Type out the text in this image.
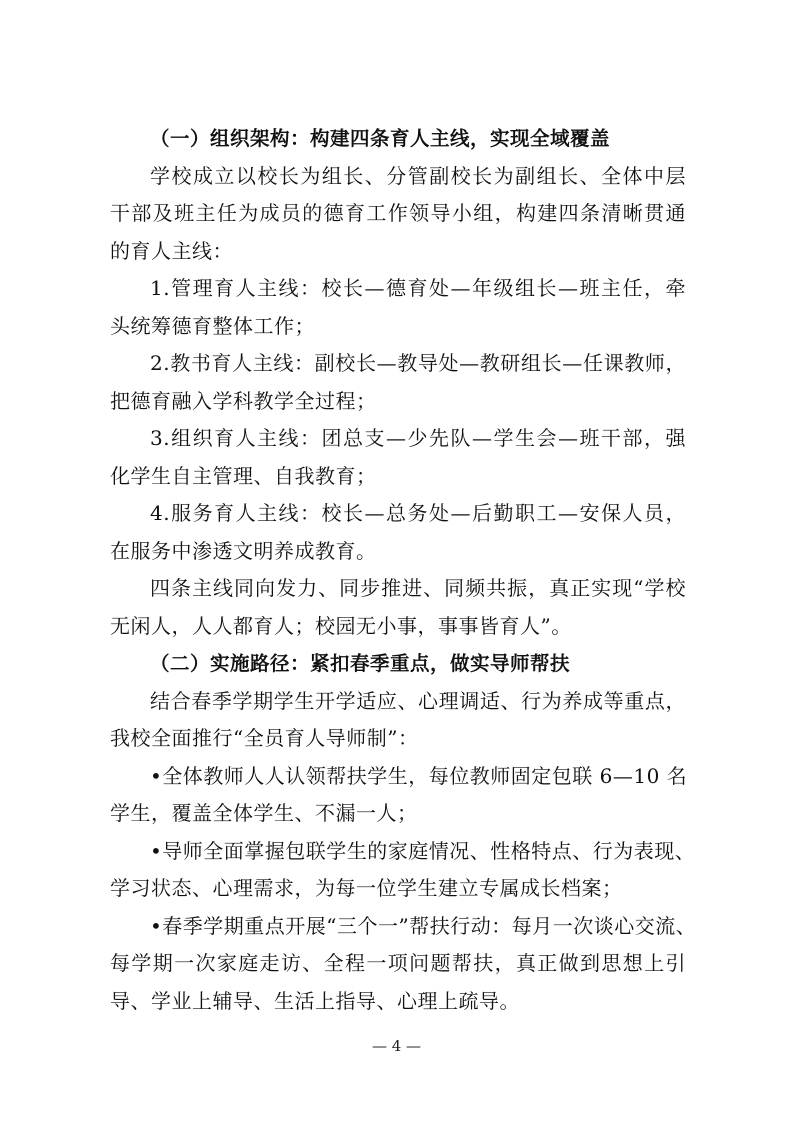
（一）组织架构：构建四条育人主线，实现全域覆盖
学校成立以校长为组长、分管副校长为副组长、全体中层
干部及班主任为成员的德育工作领导小组，构建四条清晰贯通
的育人主线：
1.管理育人主线：校长—德育处—年级组长—班主任，牵
头统筹德育整体工作；
2.教书育人主线：副校长—教导处—教研组长—任课教师，
把德育融入学科教学全过程；
3.组织育人主线：团总支—少先队—学生会—班干部，强
化学生自主管理、自我教育；
4.服务育人主线：校长—总务处—后勤职工—安保人员，
在服务中渗透文明养成教育。
四条主线同向发力、同步推进、同频共振，真正实现“学校
无闲人，人人都育人；校园无小事，事事皆育人”。
（二）实施路径：紧扣春季重点，做实导师帮扶
结合春季学期学生开学适应、心理调适、行为养成等重点，
我校全面推行“全员育人导师制”：
•全体教师人人认领帮扶学生，每位教师固定包联 6—10 名
学生，覆盖全体学生、不漏一人；
•导师全面掌握包联学生的家庭情况、性格特点、行为表现、
学习状态、心理需求，为每一位学生建立专属成长档案；
•春季学期重点开展“三个一”帮扶行动：每月一次谈心交流、
每学期一次家庭走访、全程一项问题帮扶，真正做到思想上引
导、学业上辅导、生活上指导、心理上疏导。
— 4 —
